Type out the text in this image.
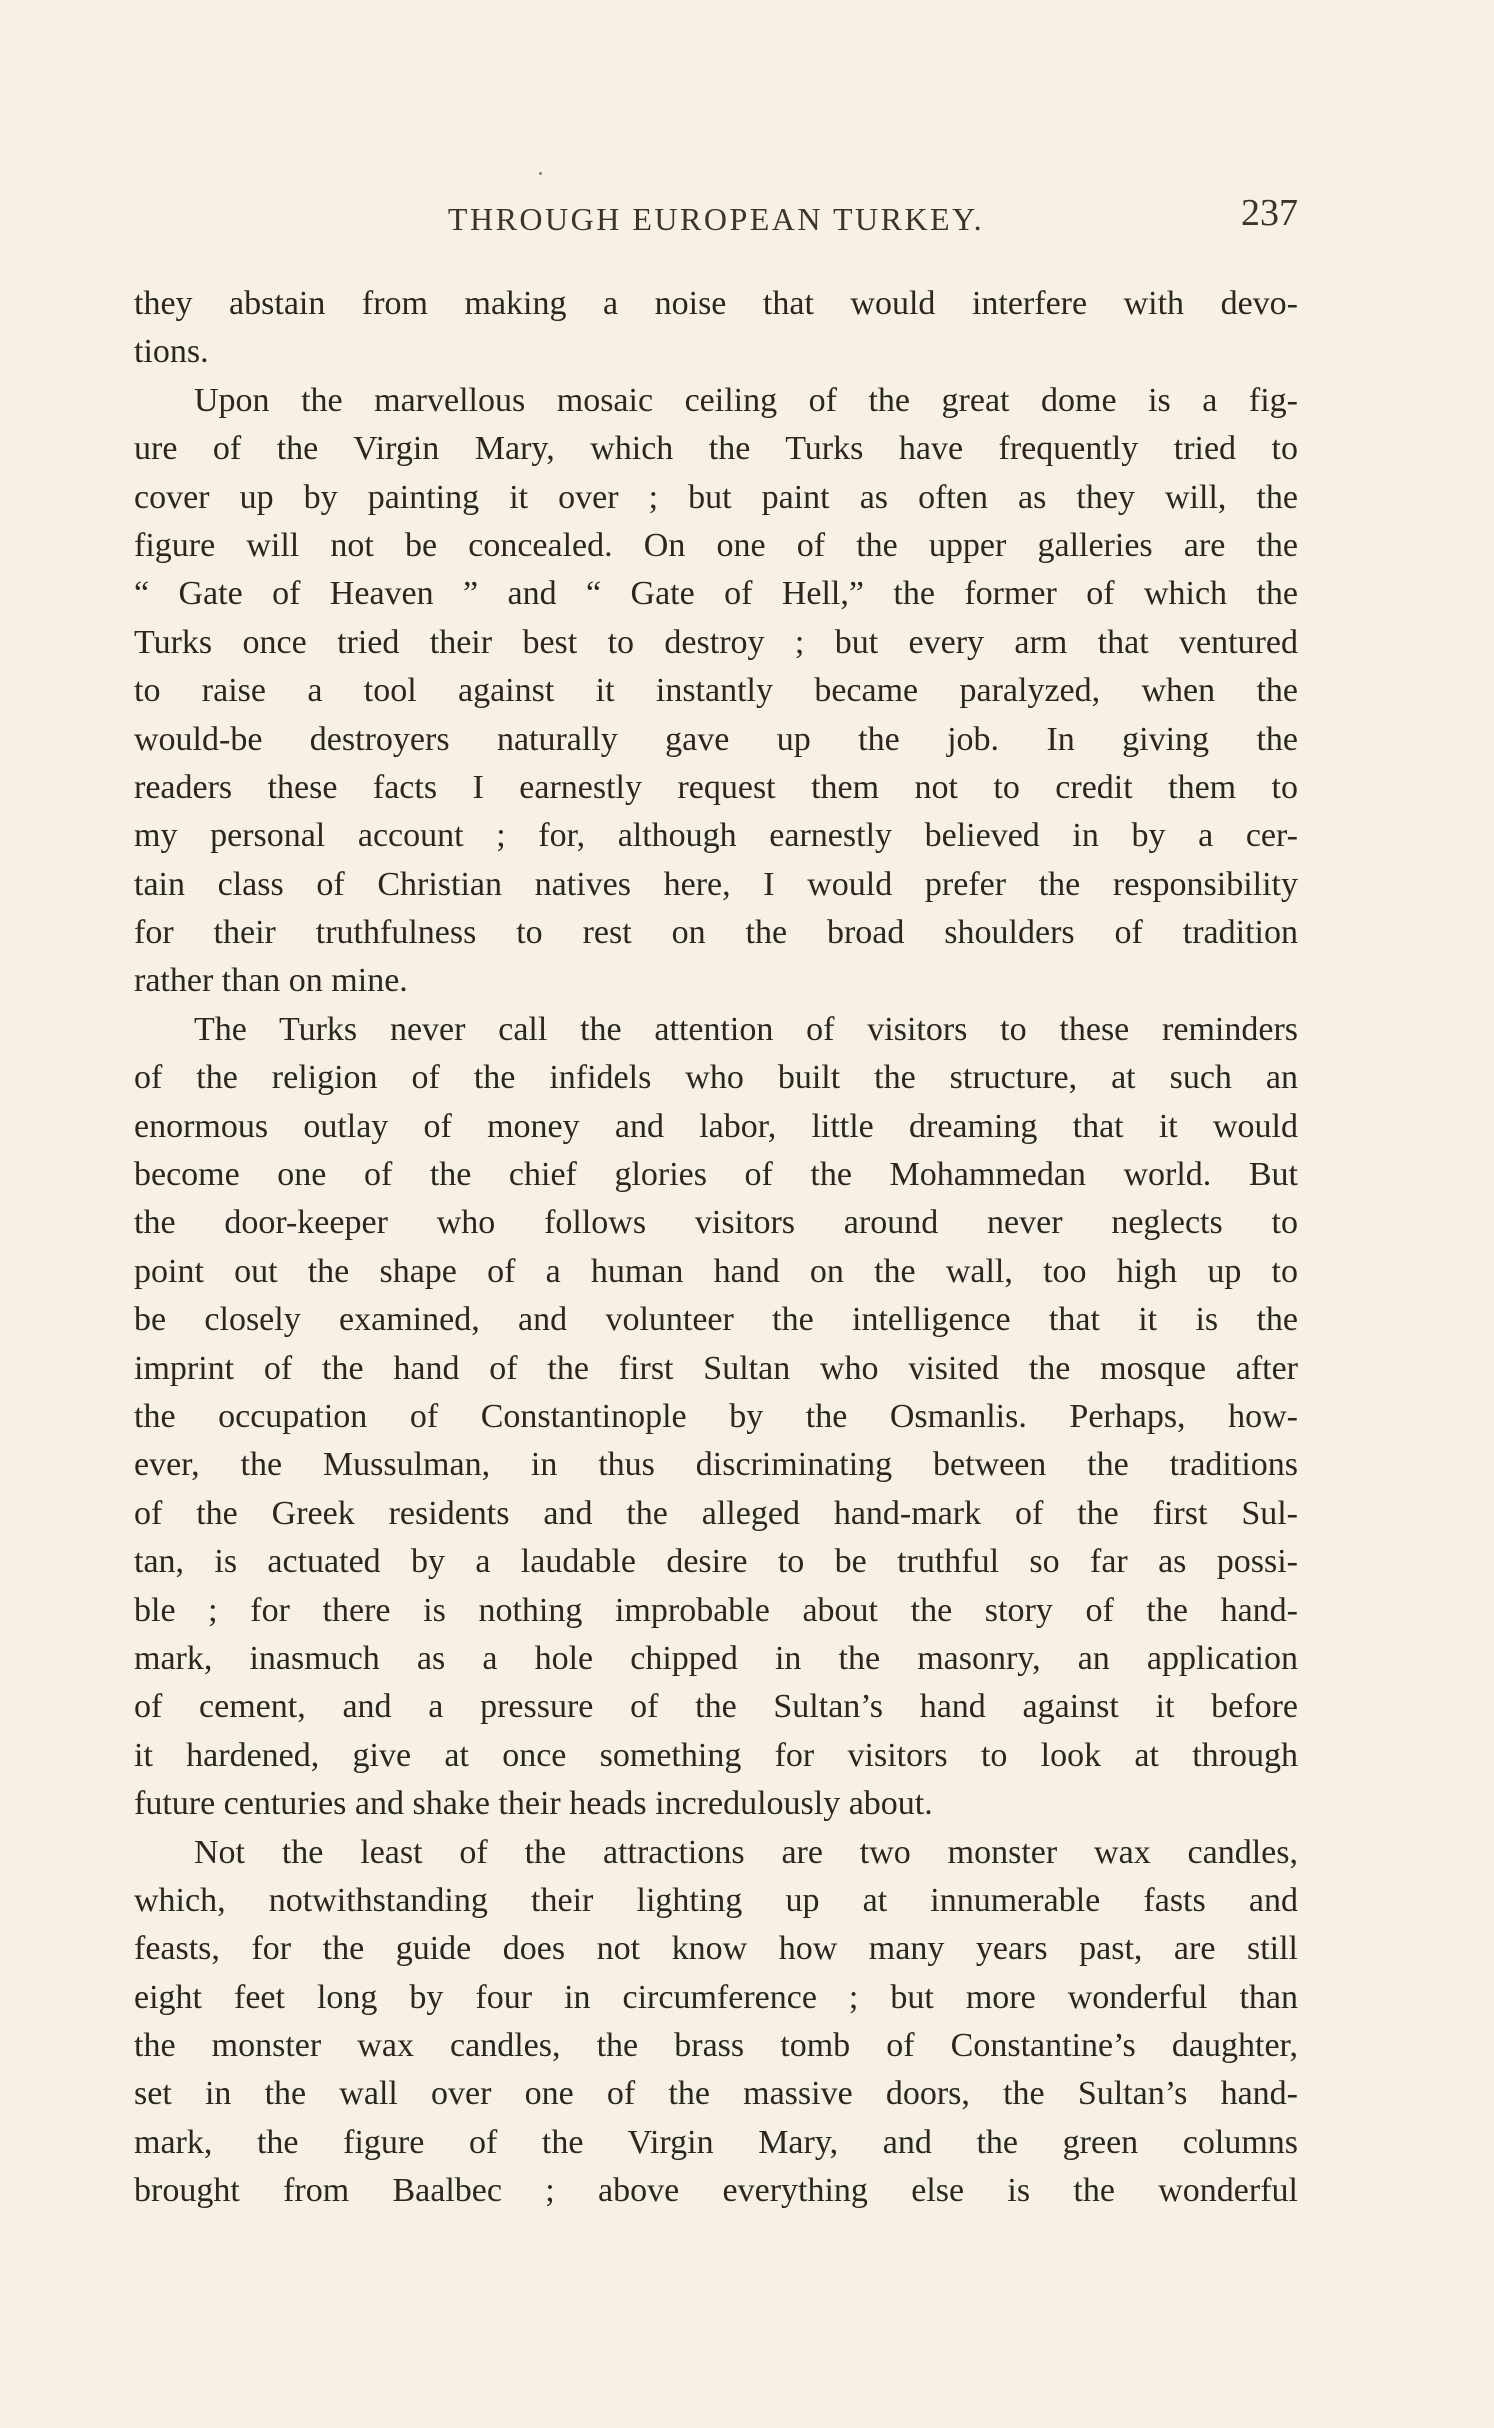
THROUGH EUROPEAN TURKEY.	237
they abstain from making a noise that would interfere with devo-
tions.
Upon the marvellous mosaic ceiling of the great dome is a fig-
ure of the Virgin Mary, which the Turks have frequently tried to
cover up by painting it over ; but paint as often as they will, the
figure will not be concealed. On one of the upper galleries are the
“ Gate of Heaven ” and “ Gate of Hell,” the former of which the
Turks once tried their best to destroy ; but every arm that ventured
to raise a tool against it instantly became paralyzed, when the
would-be destroyers naturally gave up the job. In giving the
readers these facts I earnestly request them not to credit them to
my personal account ; for, although earnestly believed in by a cer-
tain class of Christian natives here, I would prefer the responsibility
for their truthfulness to rest on the broad shoulders of tradition
rather than on mine.
The Turks never call the attention of visitors to these reminders
of the religion of the infidels who built the structure, at such an
enormous outlay of money and labor, little dreaming that it would
become one of the chief glories of the Mohammedan world. But
the door-keeper who follows visitors around never neglects to
point out the shape of a human hand on the wall, too high up to
be closely examined, and volunteer the intelligence that it is the
imprint of the hand of the first Sultan who visited the mosque after
the occupation of Constantinople by the Osmanlis. Perhaps, how-
ever, the Mussulman, in thus discriminating between the traditions
of the Greek residents and the alleged hand-mark of the first Sul-
tan, is actuated by a laudable desire to be truthful so far as possi-
ble ; for there is nothing improbable about the story of the hand-
mark, inasmuch as a hole chipped in the masonry, an application
of cement, and a pressure of the Sultan’s hand against it before
it hardened, give at once something for visitors to look at through
future centuries and shake their heads incredulously about.
Not the least of the attractions are two monster wax candles,
which, notwithstanding their lighting up at innumerable fasts and
feasts, for the guide does not know how many years past, are still
eight feet long by four in circumference ; but more wonderful than
the monster wax candles, the brass tomb of Constantine’s daughter,
set in the wall over one of the massive doors, the Sultan’s hand-
mark, the figure of the Virgin Mary, and the green columns
brought from Baalbec ; above everything else is the wonderful
